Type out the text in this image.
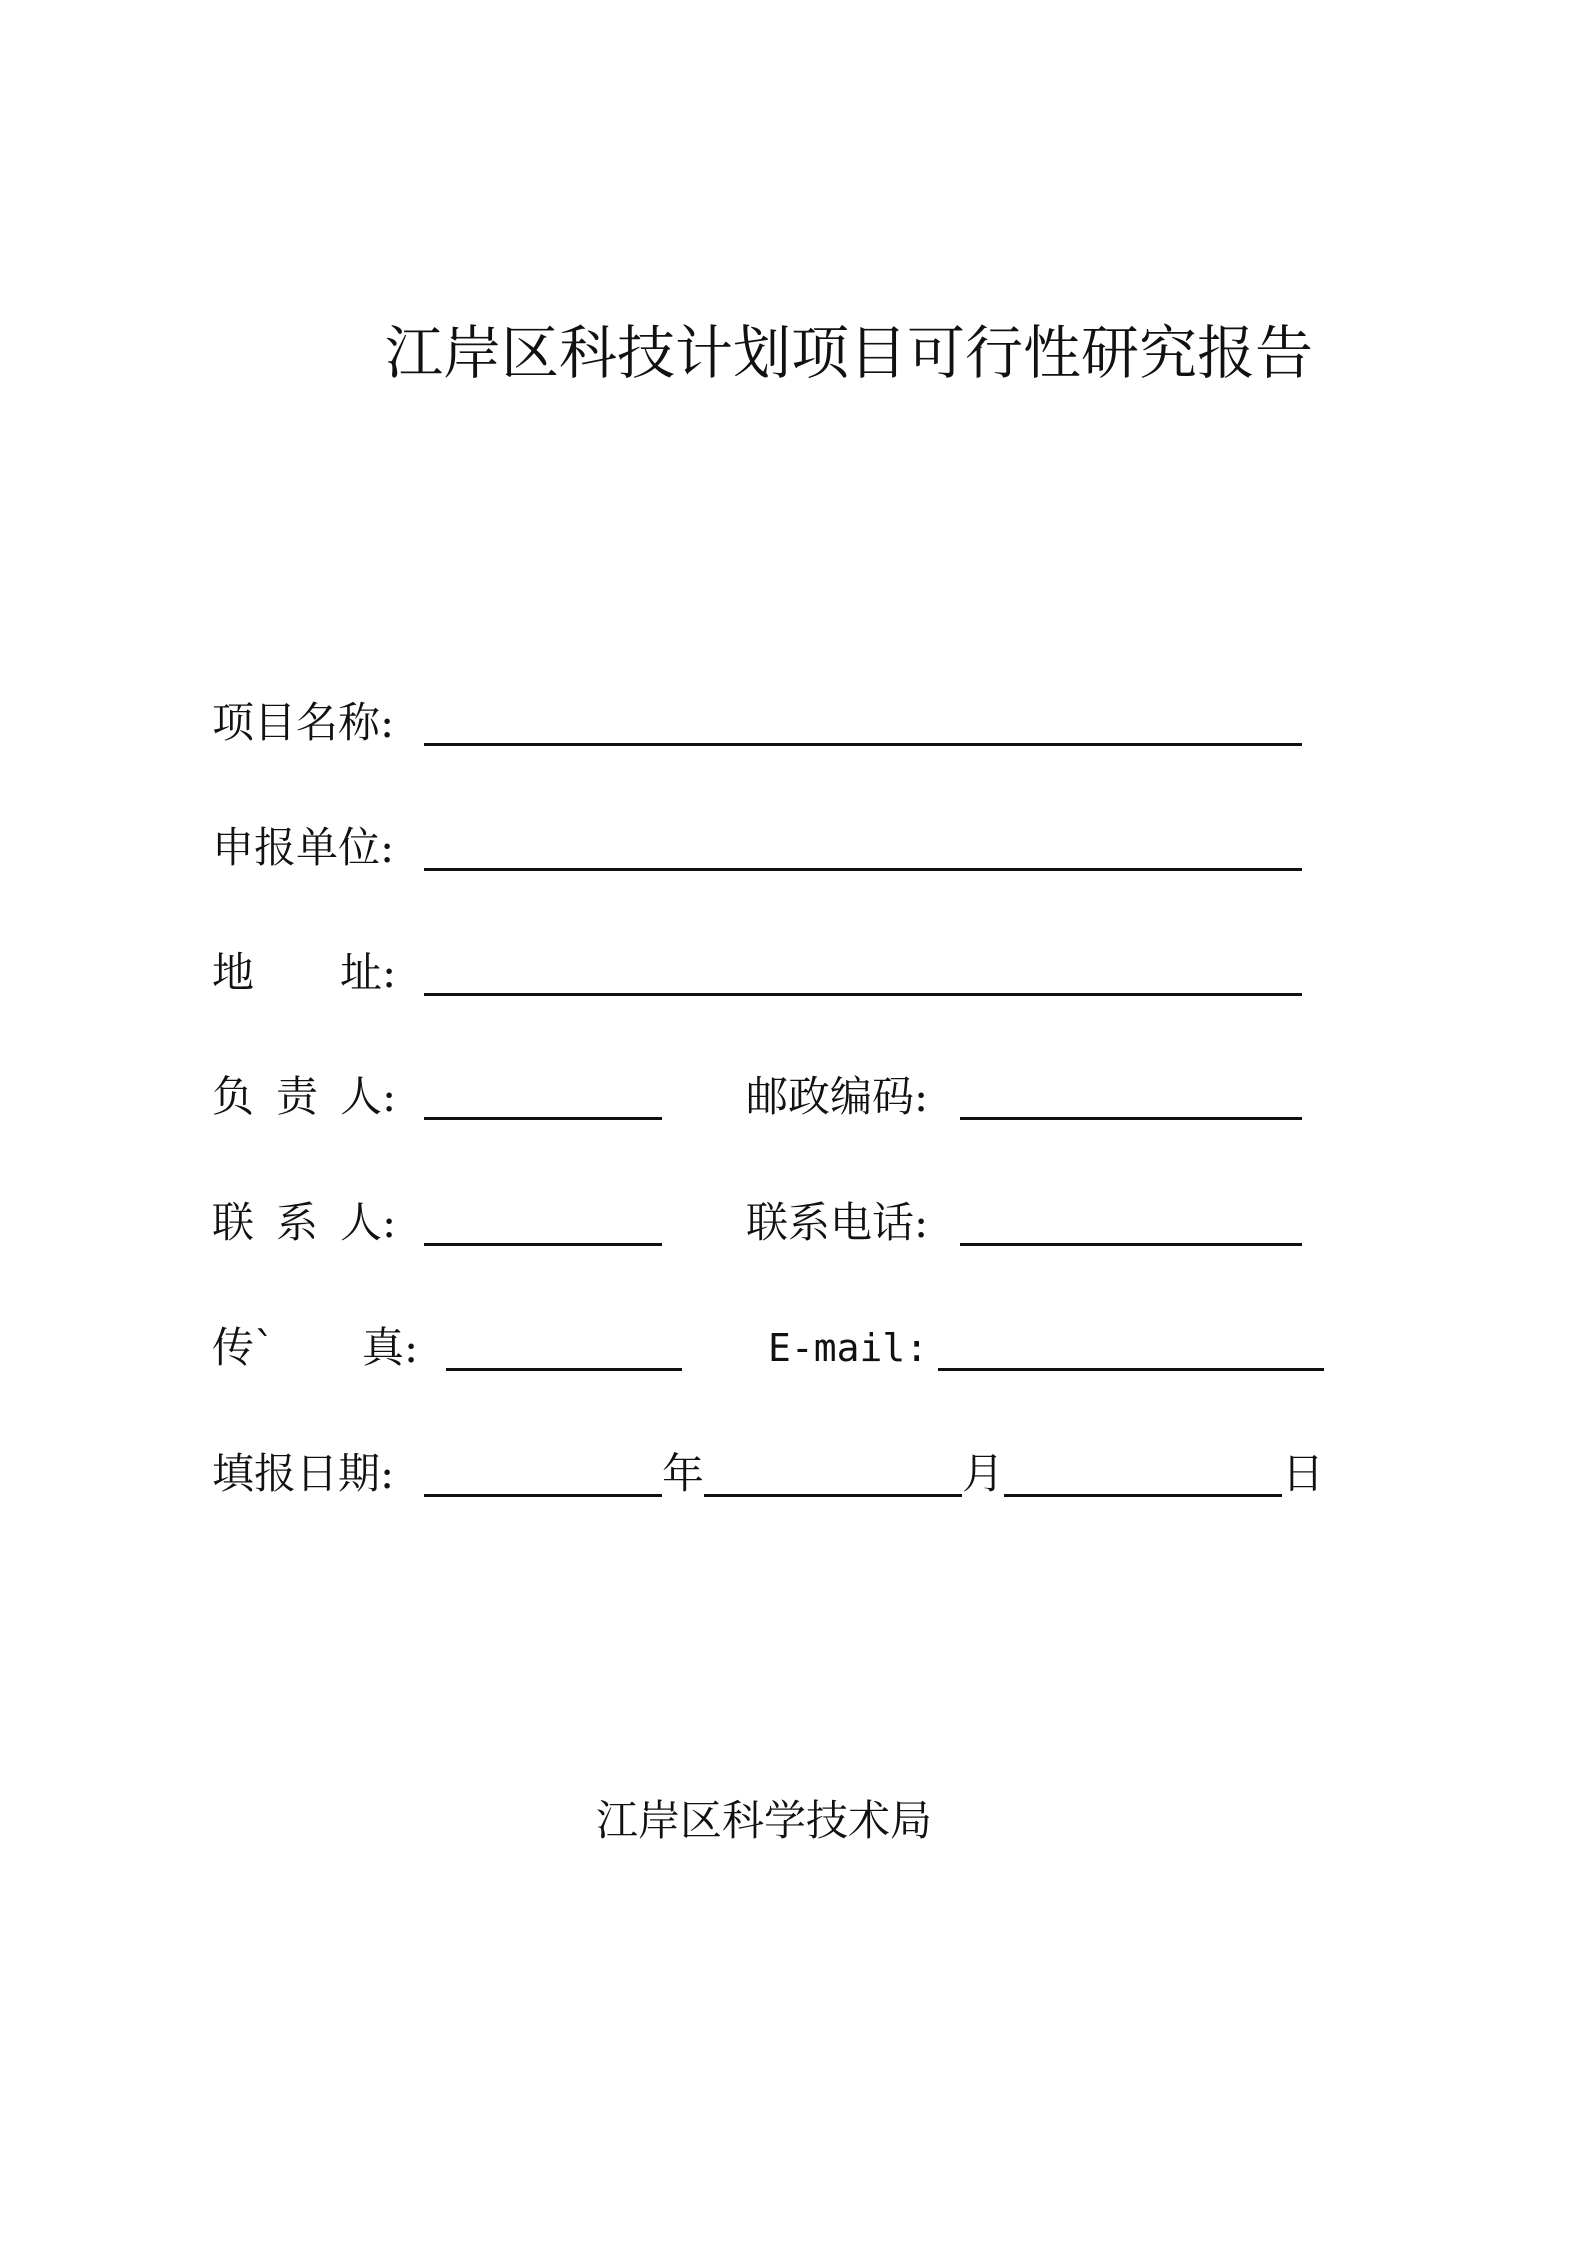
江岸区科技计划项目可行性研究报告
项目名称:
申报单位:
地 址:
负 责 人:	邮政编码:
联 系 人:	联系电话:
传` 真:	E-mail:
填报日期:	年	月	日
江岸区科学技术局
